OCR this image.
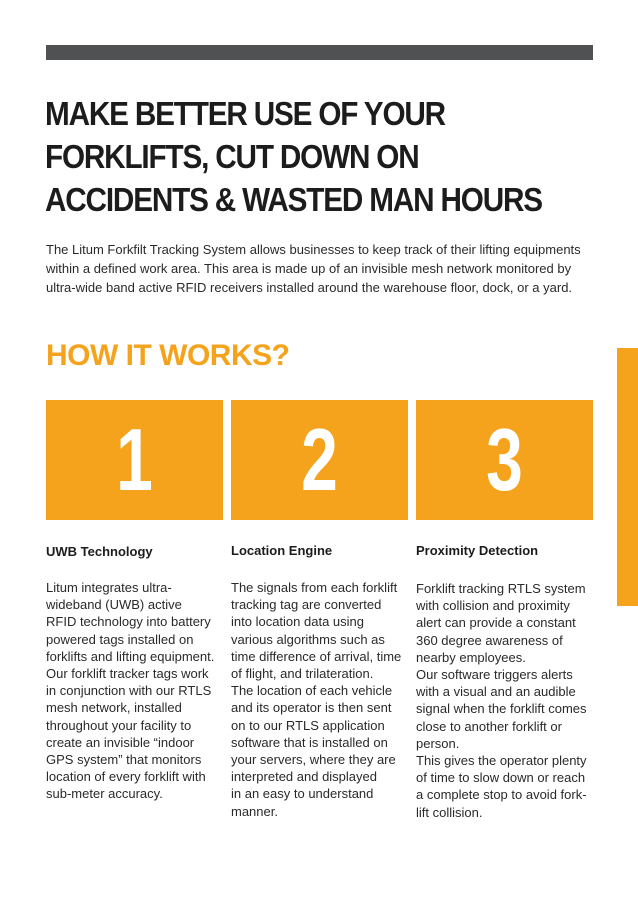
MAKE BETTER USE OF YOUR
FORKLIFTS, CUT DOWN ON
ACCIDENTS & WASTED MAN HOURS

The Litum Forkfilt Tracking System allows businesses to keep track of their lifting equipments
within a defined work area. This area is made up of an invisible mesh network monitored by
ultra-wide band active RFID receivers installed around the warehouse floor, dock, or a yard.

HOW IT WORKS?
1 2 3
UWB Technology	Location Engine	Proximity Detection

Litum integrates ultra-
wideband (UWB) active
RFID technology into battery
powered tags installed on
forklifts and lifting equipment.
Our forklift tracker tags work
in conjunction with our RTLS
mesh network, installed
throughout your facility to
create an invisible “indoor
GPS system” that monitors
location of every forklift with
sub-meter accuracy.

The signals from each forklift
tracking tag are converted
into location data using
various algorithms such as
time difference of arrival, time
of flight, and trilateration.
The location of each vehicle
and its operator is then sent
on to our RTLS application
software that is installed on
your servers, where they are
interpreted and displayed
in an easy to understand
manner.

Forklift tracking RTLS system
with collision and proximity
alert can provide a constant
360 degree awareness of
nearby employees.
Our software triggers alerts
with a visual and an audible
signal when the forklift comes
close to another forklift or
person.
This gives the operator plenty
of time to slow down or reach
a complete stop to avoid fork-
lift collision.
